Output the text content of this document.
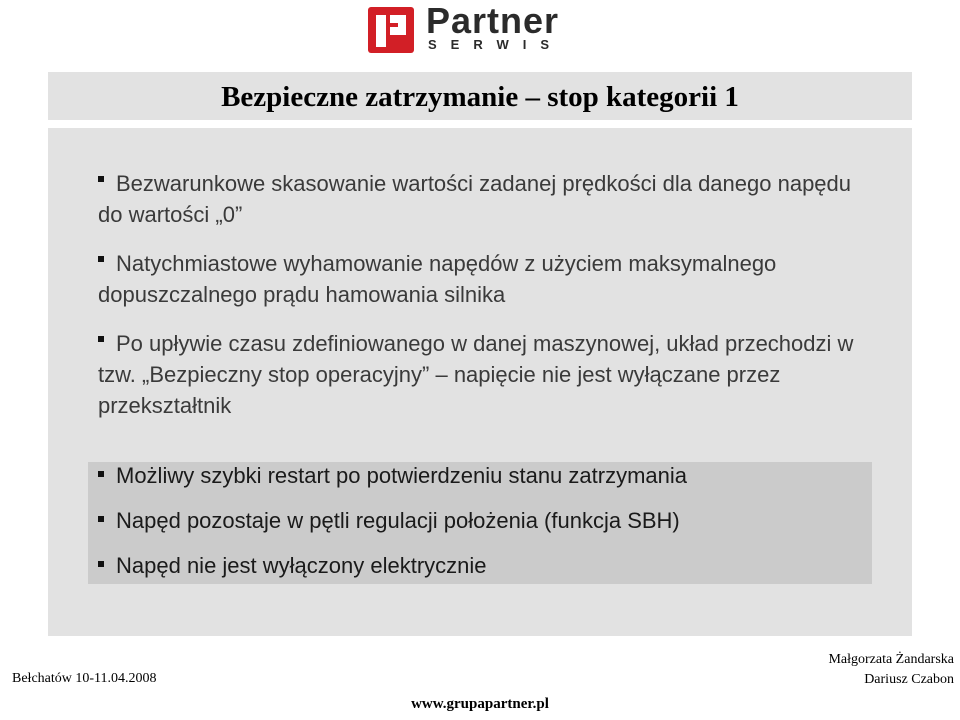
Partner
SERWIS
Bezpieczne zatrzymanie – stop kategorii 1

Bezwarunkowe skasowanie wartości zadanej prędkości dla danego napędu do wartości „0”

Natychmiastowe wyhamowanie napędów z użyciem maksymalnego dopuszczalnego prądu hamowania silnika

Po upływie czasu zdefiniowanego w danej maszynowej, układ przechodzi w tzw. „Bezpieczny stop operacyjny” – napięcie nie jest wyłączane przez przekształtnik

Możliwy szybki restart po potwierdzeniu stanu zatrzymania
Napęd pozostaje w pętli regulacji położenia (funkcja SBH)
Napęd nie jest wyłączony elektrycznie
Bełchatów 10-11.04.2008
Małgorzata Żandarska
Dariusz Czabon
www.grupapartner.pl
